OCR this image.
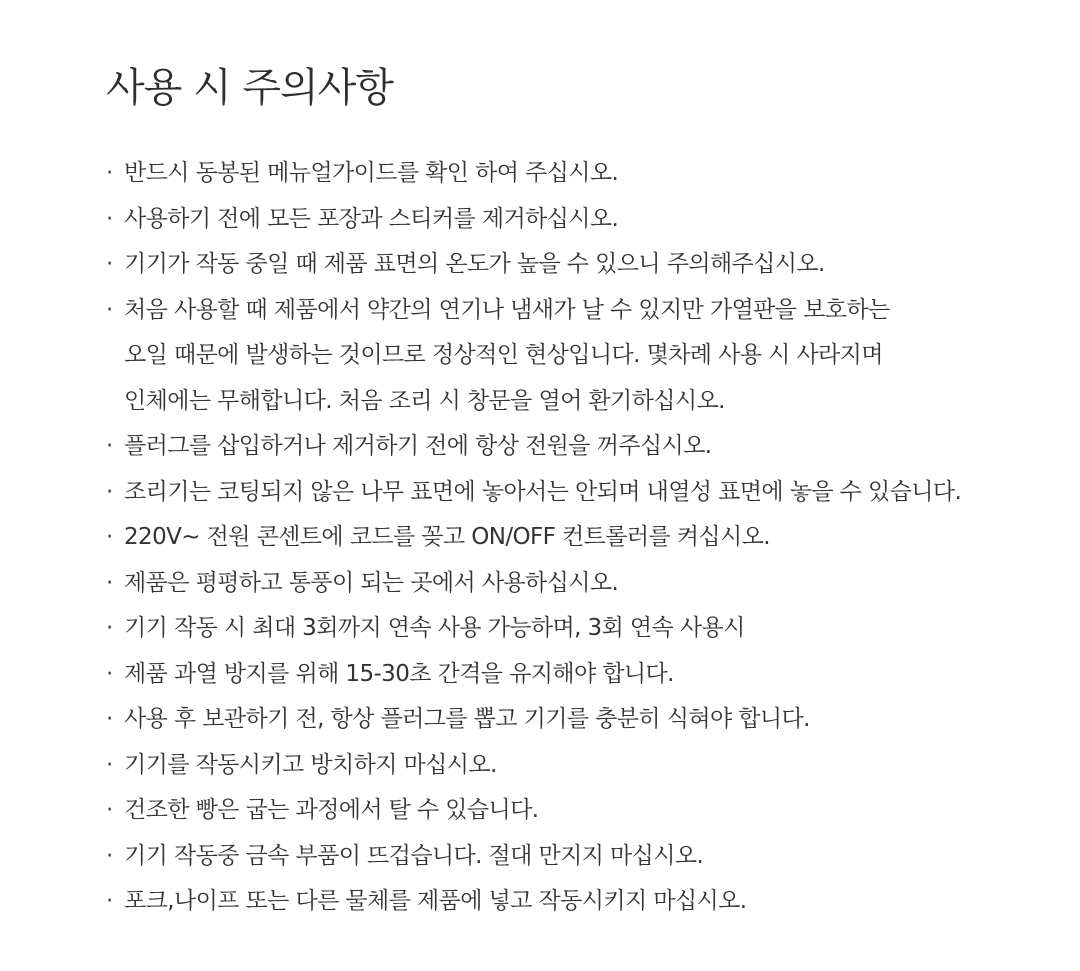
사용 시 주의사항
· 반드시 동봉된 메뉴얼가이드를 확인 하여 주십시오.
· 사용하기 전에 모든 포장과 스티커를 제거하십시오.
· 기기가 작동 중일 때 제품 표면의 온도가 높을 수 있으니 주의해주십시오.
· 처음 사용할 때 제품에서 약간의 연기나 냄새가 날 수 있지만 가열판을 보호하는
오일 때문에 발생하는 것이므로 정상적인 현상입니다. 몇차례 사용 시 사라지며
인체에는 무해합니다. 처음 조리 시 창문을 열어 환기하십시오.
· 플러그를 삽입하거나 제거하기 전에 항상 전원을 꺼주십시오.
· 조리기는 코팅되지 않은 나무 표면에 놓아서는 안되며 내열성 표면에 놓을 수 있습니다.
· 220V~ 전원 콘센트에 코드를 꽂고 ON/OFF 컨트롤러를 켜십시오.
· 제품은 평평하고 통풍이 되는 곳에서 사용하십시오.
· 기기 작동 시 최대 3회까지 연속 사용 가능하며, 3회 연속 사용시
· 제품 과열 방지를 위해 15-30초 간격을 유지해야 합니다.
· 사용 후 보관하기 전, 항상 플러그를 뽑고 기기를 충분히 식혀야 합니다.
· 기기를 작동시키고 방치하지 마십시오.
· 건조한 빵은 굽는 과정에서 탈 수 있습니다.
· 기기 작동중 금속 부품이 뜨겁습니다. 절대 만지지 마십시오.
· 포크,나이프 또는 다른 물체를 제품에 넣고 작동시키지 마십시오.
